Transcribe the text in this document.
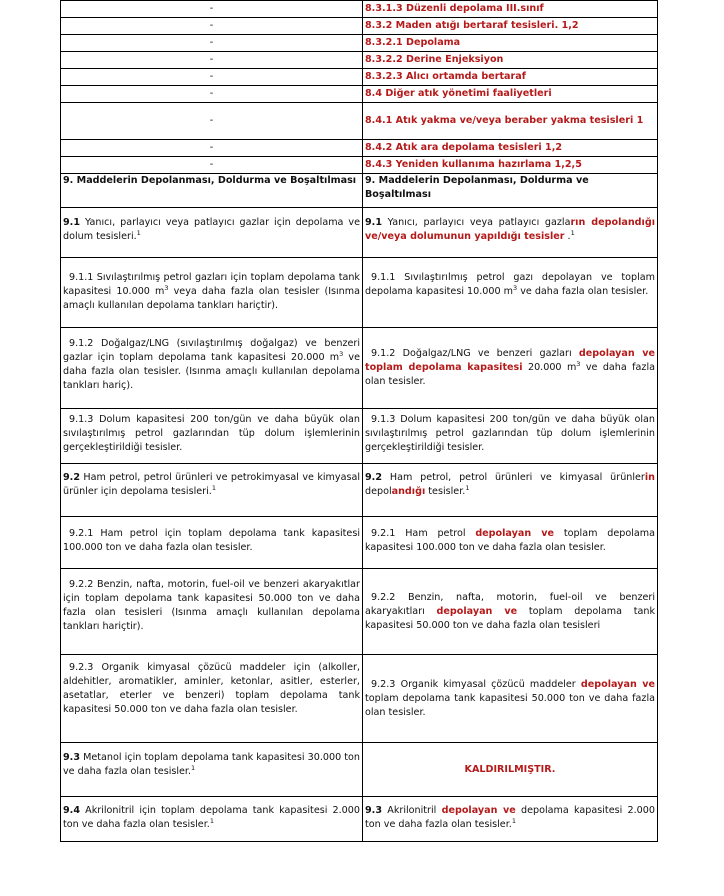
-	8.3.1.3 Düzenli depolama III.sınıf
-	8.3.2 Maden atığı bertaraf tesisleri. 1,2
-	8.3.2.1 Depolama
-	8.3.2.2 Derine Enjeksiyon
-	8.3.2.3 Alıcı ortamda bertaraf
-	8.4 Diğer atık yönetimi faaliyetleri
-	8.4.1 Atık yakma ve/veya beraber yakma tesisleri 1
-	8.4.2 Atık ara depolama tesisleri 1,2
-	8.4.3 Yeniden kullanıma hazırlama 1,2,5
9. Maddelerin Depolanması, Doldurma ve Boşaltılması	9. Maddelerin Depolanması, Doldurma ve Boşaltılması

9.1 Yanıcı, parlayıcı veya patlayıcı gazlar için depolama ve dolum tesisleri.$^1$	9.1 Yanıcı, parlayıcı veya patlayıcı gazların depolandığı ve/veya dolumunun yapıldığı tesisler .$^1$

9.1.1 Sıvılaştırılmış petrol gazları için toplam depolama tank kapasitesi 10.000 $m^3$ veya daha fazla olan tesisler (Isınma amaçlı kullanılan depolama tankları hariçtir).	9.1.1 Sıvılaştırılmış petrol gazı depolayan ve toplam depolama kapasitesi 10.000 $m^3$ ve daha fazla olan tesisler.

9.1.2 Doğalgaz/LNG (sıvılaştırılmış doğalgaz) ve benzeri gazlar için toplam depolama tank kapasitesi 20.000 $m^3$ ve daha fazla olan tesisler. (Isınma amaçlı kullanılan depolama tankları hariç).	9.1.2 Doğalgaz/LNG ve benzeri gazları depolayan ve toplam depolama kapasitesi 20.000 $m^3$ ve daha fazla olan tesisler.

9.1.3 Dolum kapasitesi 200 ton/gün ve daha büyük olan sıvılaştırılmış petrol gazlarından tüp dolum işlemlerinin gerçekleştirildiği tesisler.	9.1.3 Dolum kapasitesi 200 ton/gün ve daha büyük olan sıvılaştırılmış petrol gazlarından tüp dolum işlemlerinin gerçekleştirildiği tesisler.

9.2 Ham petrol, petrol ürünleri ve petrokimyasal ve kimyasal ürünler için depolama tesisleri.$^1$	9.2 Ham petrol, petrol ürünleri ve kimyasal ürünlerin depolandığı tesisler.$^1$

9.2.1 Ham petrol için toplam depolama tank kapasitesi 100.000 ton ve daha fazla olan tesisler.	9.2.1 Ham petrol depolayan ve toplam depolama kapasitesi 100.000 ton ve daha fazla olan tesisler.

9.2.2 Benzin, nafta, motorin, fuel-oil ve benzeri akaryakıtlar için toplam depolama tank kapasitesi 50.000 ton ve daha fazla olan tesisleri (Isınma amaçlı kullanılan depolama tankları hariçtir).	9.2.2 Benzin, nafta, motorin, fuel-oil ve benzeri akaryakıtları depolayan ve toplam depolama tank kapasitesi 50.000 ton ve daha fazla olan tesisleri

9.2.3 Organik kimyasal çözücü maddeler için (alkoller, aldehitler, aromatikler, aminler, ketonlar, asitler, esterler, asetatlar, eterler ve benzeri) toplam depolama tank kapasitesi 50.000 ton ve daha fazla olan tesisler.	9.2.3 Organik kimyasal çözücü maddeler depolayan ve toplam depolama tank kapasitesi 50.000 ton ve daha fazla olan tesisler.

9.3 Metanol için toplam depolama tank kapasitesi 30.000 ton ve daha fazla olan tesisler.$^1$	KALDIRILMIŞTIR.

9.4 Akrilonitril için toplam depolama tank kapasitesi 2.000 ton ve daha fazla olan tesisler.$^1$	9.3 Akrilonitril depolayan ve depolama kapasitesi 2.000 ton ve daha fazla olan tesisler.$^1$
